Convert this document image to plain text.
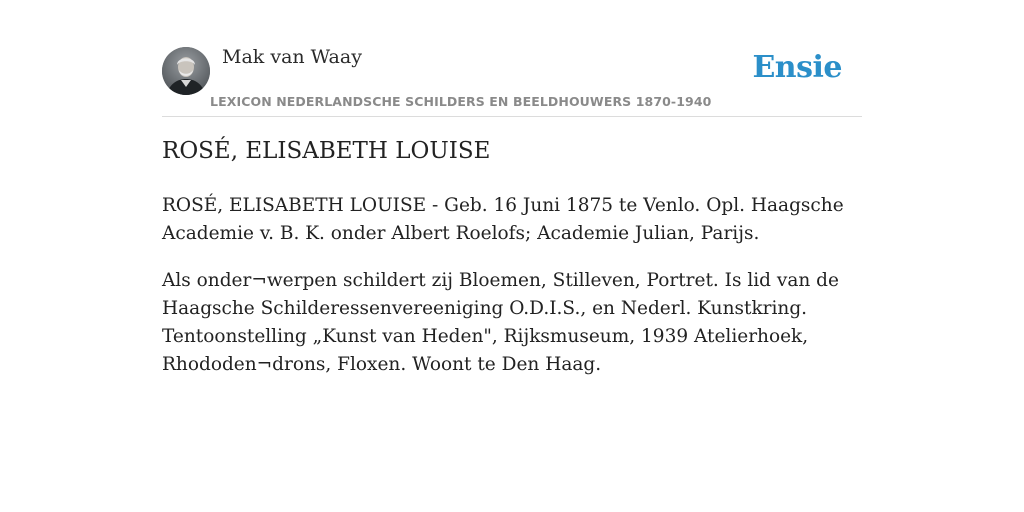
Mak van Waay
LEXICON NEDERLANDSCHE SCHILDERS EN BEELDHOUWERS 1870-1940
Ensie
ROSÉ, ELISABETH LOUISE

ROSÉ, ELISABETH LOUISE - Geb. 16 Juni 1875 te Venlo. Opl. Haagsche Academie v. B. K. onder Albert Roelofs; Academie Julian, Parijs.

Als onder¬werpen schildert zij Bloemen, Stilleven, Portret. Is lid van de Haagsche Schilderessenvereeniging O.D.I.S., en Nederl. Kunstkring. Tentoonstelling „Kunst van Heden", Rijksmuseum, 1939 Atelierhoek, Rhododen¬drons, Floxen. Woont te Den Haag.
